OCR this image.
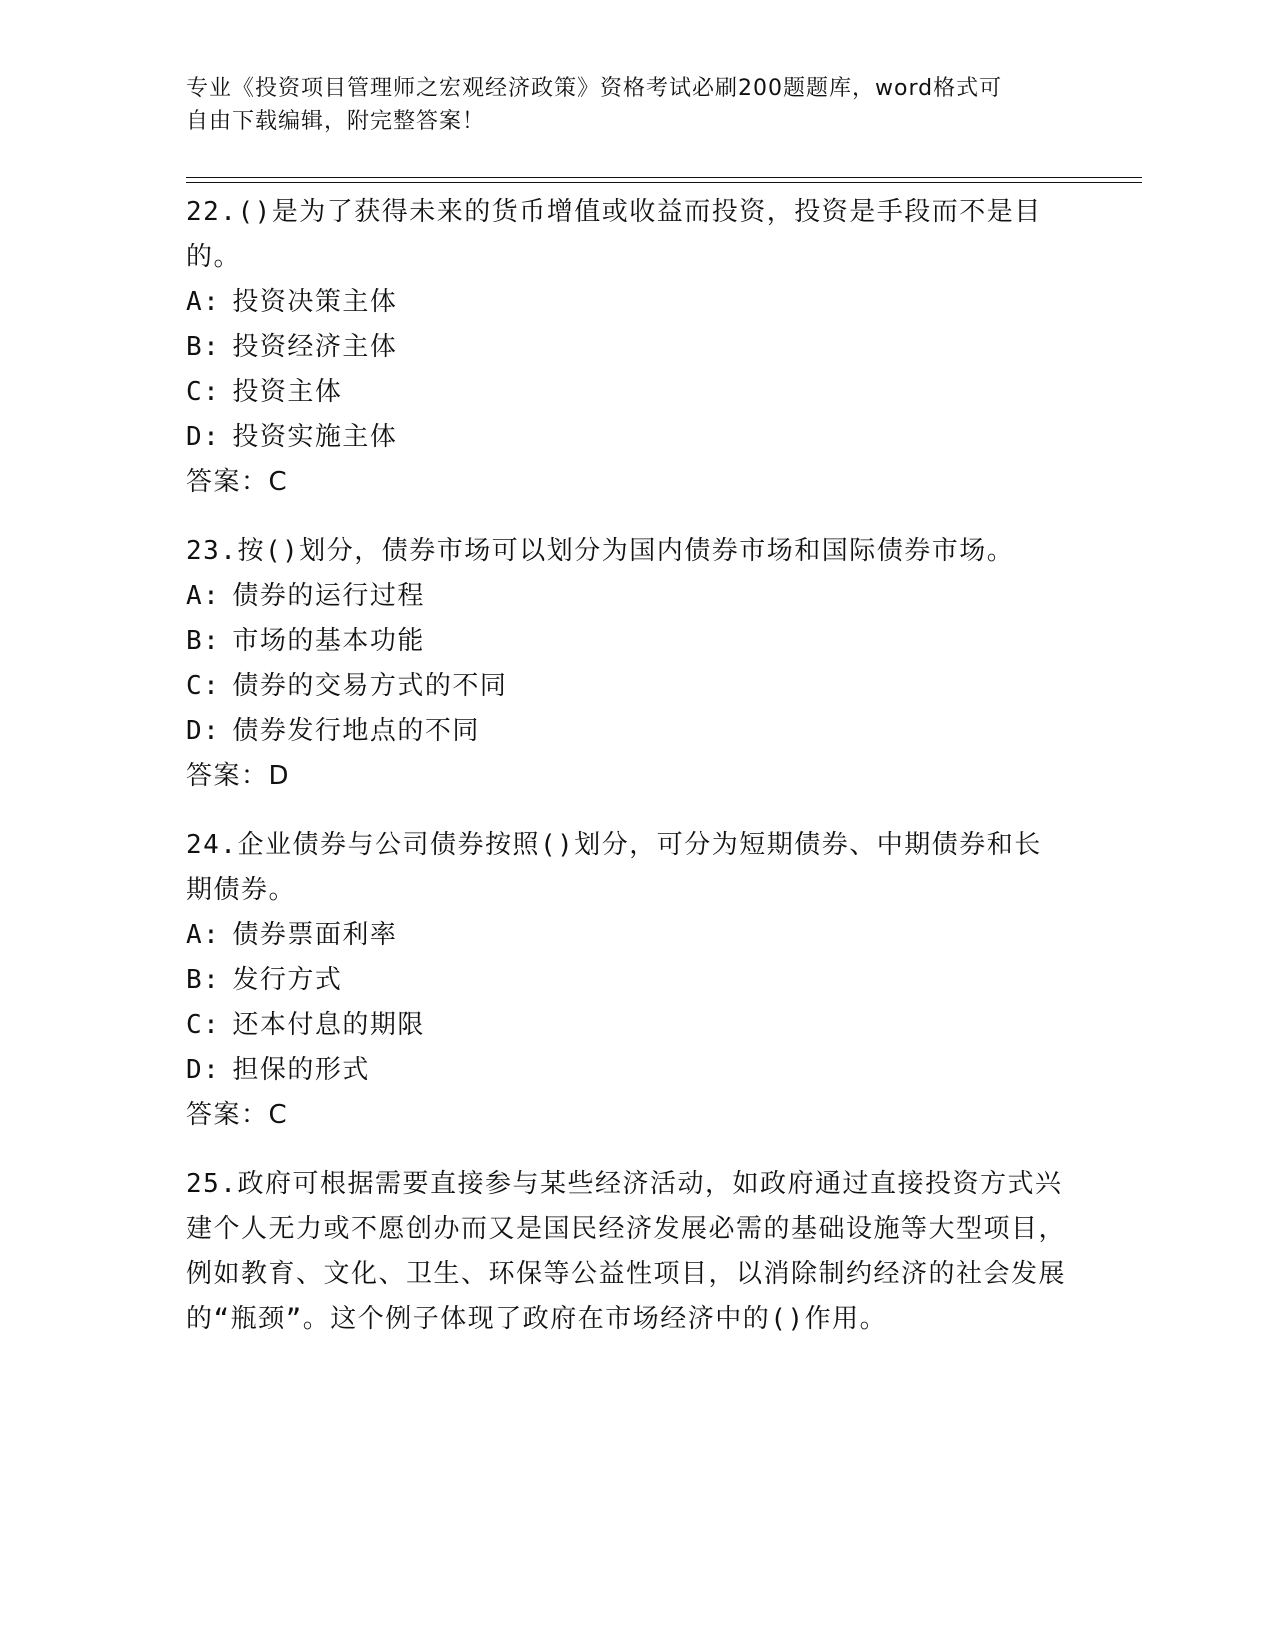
专业《投资项目管理师之宏观经济政策》资格考试必刷200题题库，word格式可

自由下载编辑，附完整答案！

22.()是为了获得未来的货币增值或收益而投资，投资是手段而不是目的。

A: 投资决策主体

B: 投资经济主体

C: 投资主体

D: 投资实施主体

答案：C

23.按()划分，债券市场可以划分为国内债券市场和国际债券市场。

A: 债券的运行过程

B: 市场的基本功能

C: 债券的交易方式的不同

D: 债券发行地点的不同

答案：D

24.企业债券与公司债券按照()划分，可分为短期债券、中期债券和长期债券。

A: 债券票面利率

B: 发行方式

C: 还本付息的期限

D: 担保的形式

答案：C

25.政府可根据需要直接参与某些经济活动，如政府通过直接投资方式兴建个人无力或不愿创办而又是国民经济发展必需的基础设施等大型项目，例如教育、文化、卫生、环保等公益性项目，以消除制约经济的社会发展的“瓶颈”。这个例子体现了政府在市场经济中的()作用。
